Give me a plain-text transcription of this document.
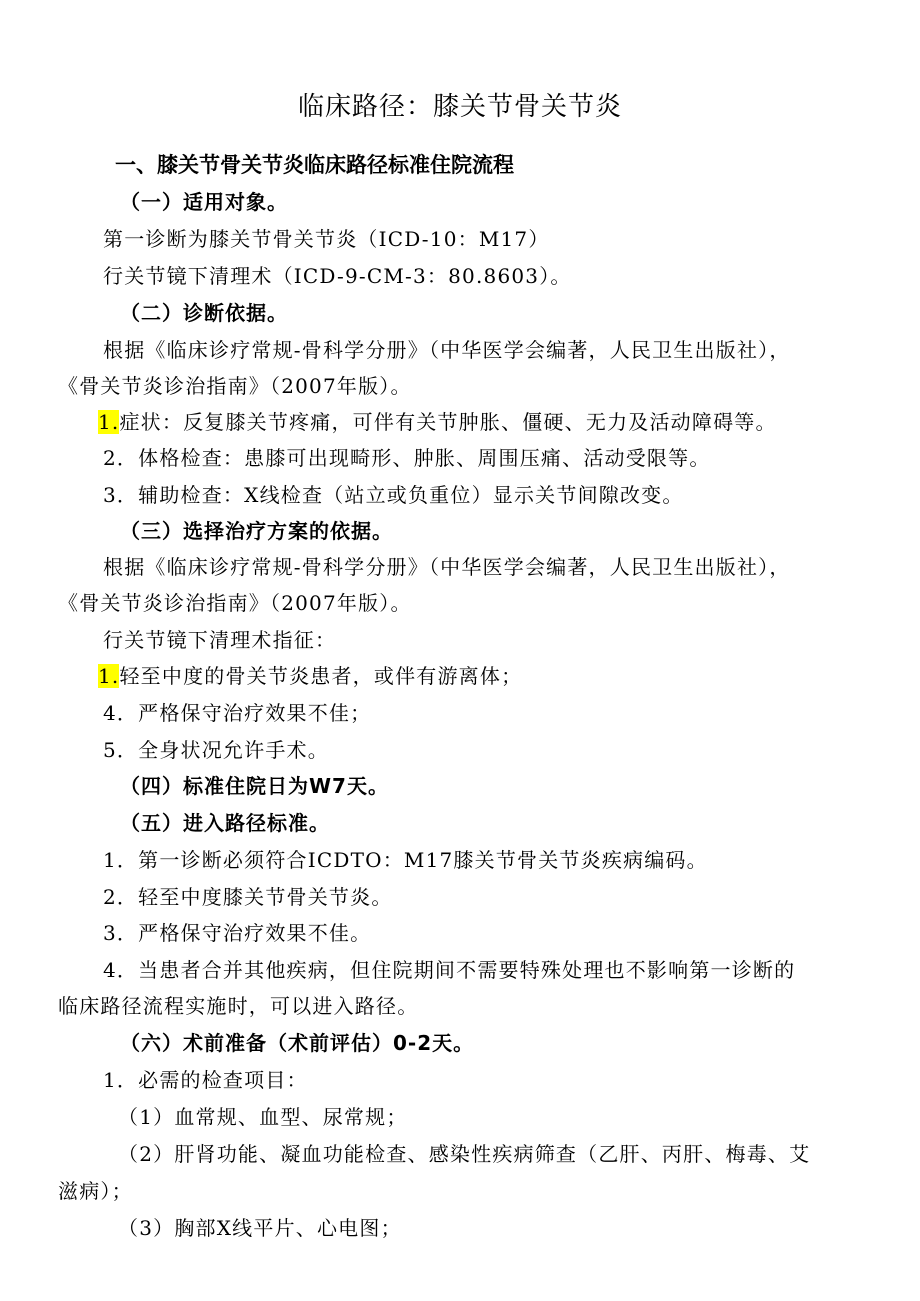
临床路径：膝关节骨关节炎
一、膝关节骨关节炎临床路径标准住院流程
（一）适用对象。
第一诊断为膝关节骨关节炎（ICD-10：M17）
行关节镜下清理术（ICD-9-CM-3：80.8603）。
（二）诊断依据。
根据《临床诊疗常规-骨科学分册》（中华医学会编著，人民卫生出版社），
《骨关节炎诊治指南》（2007年版）。
1.症状：反复膝关节疼痛，可伴有关节肿胀、僵硬、无力及活动障碍等。
2．体格检查：患膝可出现畸形、肿胀、周围压痛、活动受限等。
3．辅助检查：X线检查（站立或负重位）显示关节间隙改变。
（三）选择治疗方案的依据。
根据《临床诊疗常规-骨科学分册》（中华医学会编著，人民卫生出版社），
《骨关节炎诊治指南》（2007年版）。
行关节镜下清理术指征：
1.轻至中度的骨关节炎患者，或伴有游离体；
4．严格保守治疗效果不佳；
5．全身状况允许手术。
（四）标准住院日为W7天。
（五）进入路径标准。
1．第一诊断必须符合ICDTO：M17膝关节骨关节炎疾病编码。
2．轻至中度膝关节骨关节炎。
3．严格保守治疗效果不佳。
4．当患者合并其他疾病，但住院期间不需要特殊处理也不影响第一诊断的
临床路径流程实施时，可以进入路径。
（六）术前准备（术前评估）0-2天。
1．必需的检查项目：
（1）血常规、血型、尿常规；
（2）肝肾功能、凝血功能检查、感染性疾病筛查（乙肝、丙肝、梅毒、艾
滋病）；
（3）胸部X线平片、心电图；
